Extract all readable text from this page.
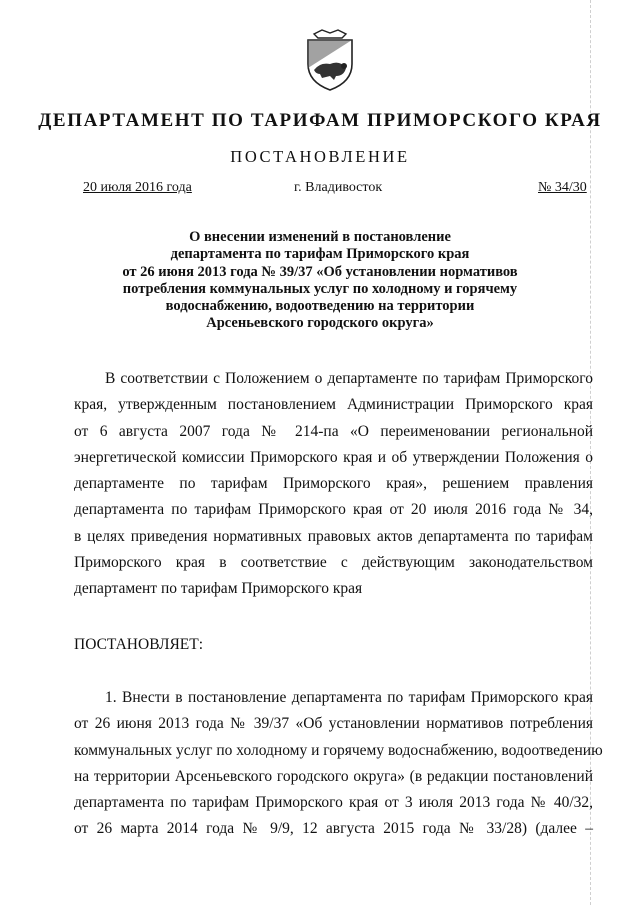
ДЕПАРТАМЕНТ ПО ТАРИФАМ ПРИМОРСКОГО КРАЯ
ПОСТАНОВЛЕНИЕ
20 июля 2016 года	г. Владивосток	№ 34/30
О внесении изменений в постановление
департамента по тарифам Приморского края
от 26 июня 2013 года № 39/37 «Об установлении нормативов
потребления коммунальных услуг по холодному и горячему
водоснабжению, водоотведению на территории
Арсеньевского городского округа»
В соответствии с Положением о департаменте по тарифам Приморского
края, утвержденным постановлением Администрации Приморского края
от 6 августа 2007 года № 214-па «О переименовании региональной
энергетической комиссии Приморского края и об утверждении Положения о
департаменте по тарифам Приморского края», решением правления
департамента по тарифам Приморского края от 20 июля 2016 года № 34,
в целях приведения нормативных правовых актов департамента по тарифам
Приморского края в соответствие с действующим законодательством
департамент по тарифам Приморского края
ПОСТАНОВЛЯЕТ:
1. Внести в постановление департамента по тарифам Приморского края
от 26 июня 2013 года № 39/37 «Об установлении нормативов потребления
коммунальных услуг по холодному и горячему водоснабжению, водоотведению
на территории Арсеньевского городского округа» (в редакции постановлений
департамента по тарифам Приморского края от 3 июля 2013 года № 40/32,
от 26 марта 2014 года № 9/9, 12 августа 2015 года № 33/28) (далее –
